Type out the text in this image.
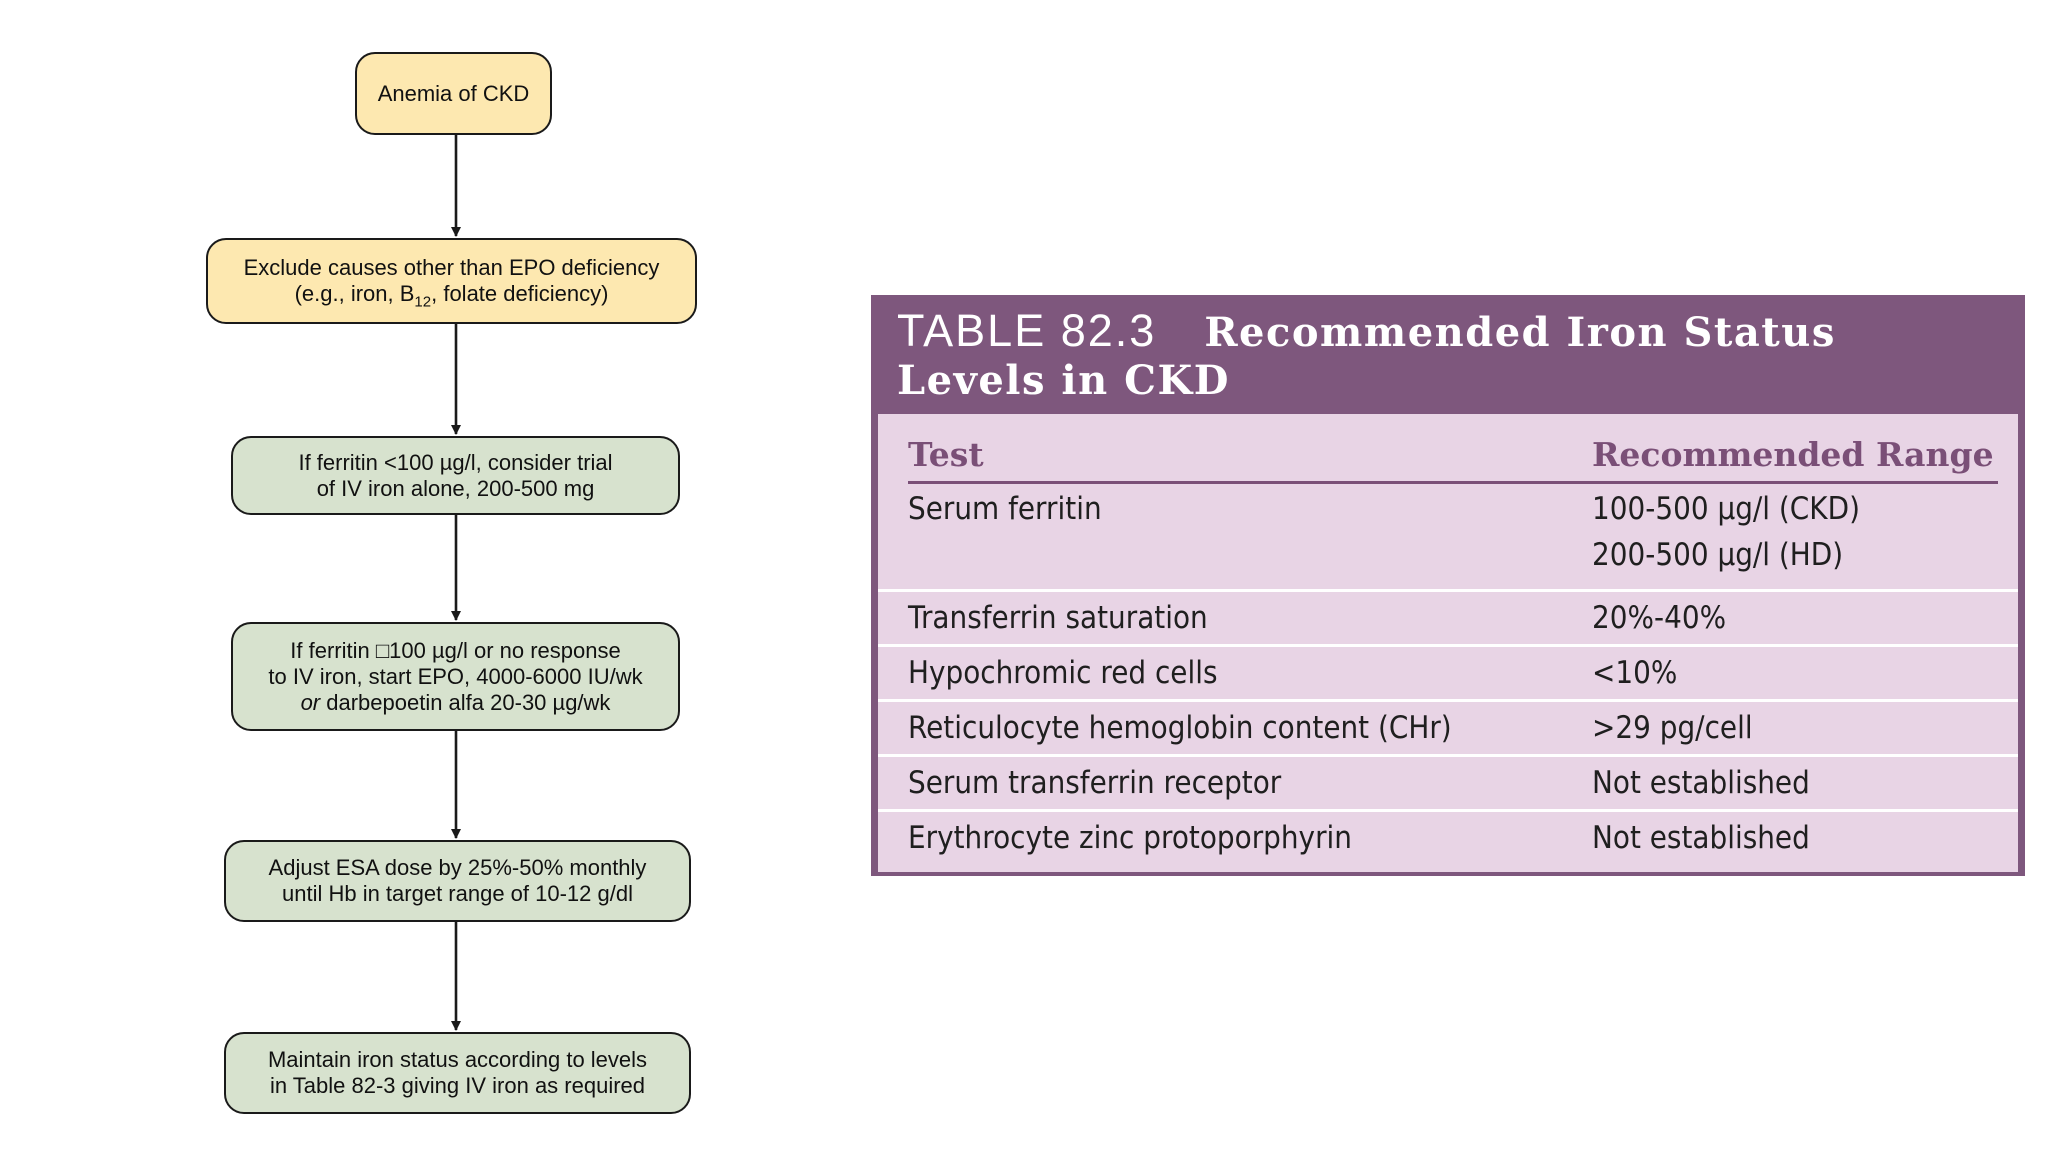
Anemia of CKD
Exclude causes other than EPO deficiency
(e.g., iron, $B_{12}$, folate deficiency)
If ferritin <100 µg/l, consider trial
of IV iron alone, 200-500 mg
If ferritin □100 µg/l or no response
to IV iron, start EPO, 4000-6000 IU/wk
or darbepoetin alfa 20-30 µg/wk
Adjust ESA dose by 25%-50% monthly
until Hb in target range of 10-12 g/dl
Maintain iron status according to levels
in Table 82-3 giving IV iron as required
TABLE 82.3 Recommended Iron Status
Levels in CKD
Test	Recommended Range
Serum ferritin	100-500 µg/l (CKD)
200-500 µg/l (HD)
Transferrin saturation	20%-40%
Hypochromic red cells	<10%
Reticulocyte hemoglobin content (CHr)	>29 pg/cell
Serum transferrin receptor	Not established
Erythrocyte zinc protoporphyrin	Not established
